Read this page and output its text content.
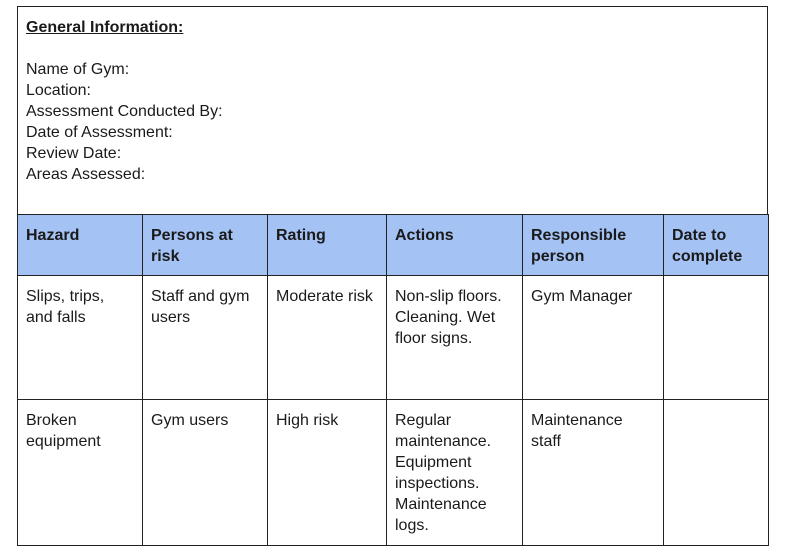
General Information:

Name of Gym:

Location:

Assessment Conducted By:

Date of Assessment:

Review Date:

Areas Assessed:

Hazard	Persons at risk	Rating	Actions	Responsible person	Date to complete
Slips, trips, and falls	Staff and gym users	Moderate risk	Non-slip floors. Cleaning. Wet floor signs.	Gym Manager	
Broken equipment	Gym users	High risk	Regular maintenance. Equipment inspections. Maintenance logs.	Maintenance staff	
